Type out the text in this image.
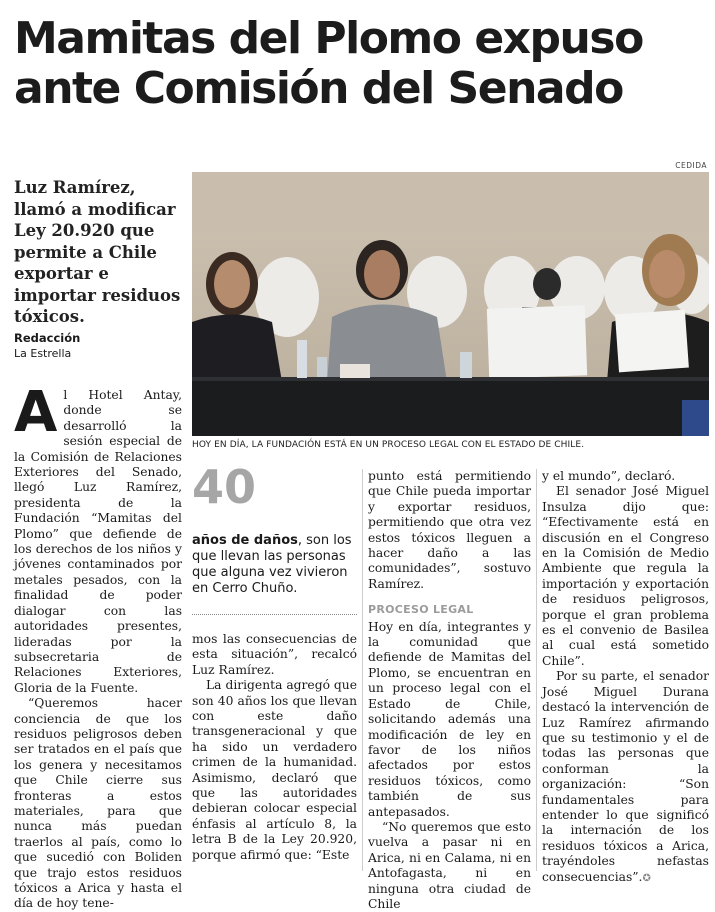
Mamitas del Plomo expuso ante Comisión del Senado

Luz Ramírez, llamó a modificar Ley 20.920 que permite a Chile exportar e importar residuos tóxicos.

Redacción
La Estrella
CEDIDA
HOY EN DÍA, LA FUNDACIÓN ESTÁ EN UN PROCESO LEGAL CON EL ESTADO DE CHILE.

Al Hotel Antay, donde se desarrolló la sesión especial de la Comisión de Relaciones Exteriores del Senado, llegó Luz Ramírez, presidenta de la Fundación “Mamitas del Plomo” que defiende de los derechos de los niños y jóvenes contaminados por metales pesados, con la finalidad de poder dialogar con las autoridades presentes, lideradas por la subsecretaria de Relaciones Exteriores, Gloria de la Fuente.

“Queremos hacer conciencia de que los residuos peligrosos deben ser tratados en el país que los genera y necesitamos que Chile cierre sus fronteras a estos materiales, para que nunca más puedan traerlos al país, como lo que sucedió con Boliden que trajo estos residuos tóxicos a Arica y hasta el día de hoy tene-

40
años de daños, son los que llevan las personas que alguna vez vivieron en Cerro Chuño.

mos las consecuencias de esta situación”, recalcó Luz Ramírez.

La dirigenta agregó que son 40 años los que llevan con este daño transgeneracional y que ha sido un verdadero crimen de la humanidad. Asimismo, declaró que que las autoridades debieran colocar especial énfasis al artículo 8, la letra B de la Ley 20.920, porque afirmó que: “Este

punto está permitiendo que Chile pueda importar y exportar residuos, permitiendo que otra vez estos tóxicos lleguen a hacer daño a las comunidades”, sostuvo Ramírez.

PROCESO LEGAL

Hoy en día, integrantes y la comunidad que defiende de Mamitas del Plomo, se encuentran en un proceso legal con el Estado de Chile, solicitando además una modificación de ley en favor de los niños afectados por estos residuos tóxicos, como también de sus antepasados.

“No queremos que esto vuelva a pasar ni en Arica, ni en Calama, ni en Antofagasta, ni en ninguna otra ciudad de Chile

y el mundo”, declaró.

El senador José Miguel Insulza dijo que: “Efectivamente está en discusión en el Congreso en la Comisión de Medio Ambiente que regula la importación y exportación de residuos peligrosos, porque el gran problema es el convenio de Basilea al cual está sometido Chile”.

Por su parte, el senador José Miguel Durana destacó la intervención de Luz Ramírez afirmando que su testimonio y el de todas las personas que conforman la organización: “Son fundamentales para entender lo que significó la internación de los residuos tóxicos a Arica, trayéndoles nefastas consecuencias”.✪
